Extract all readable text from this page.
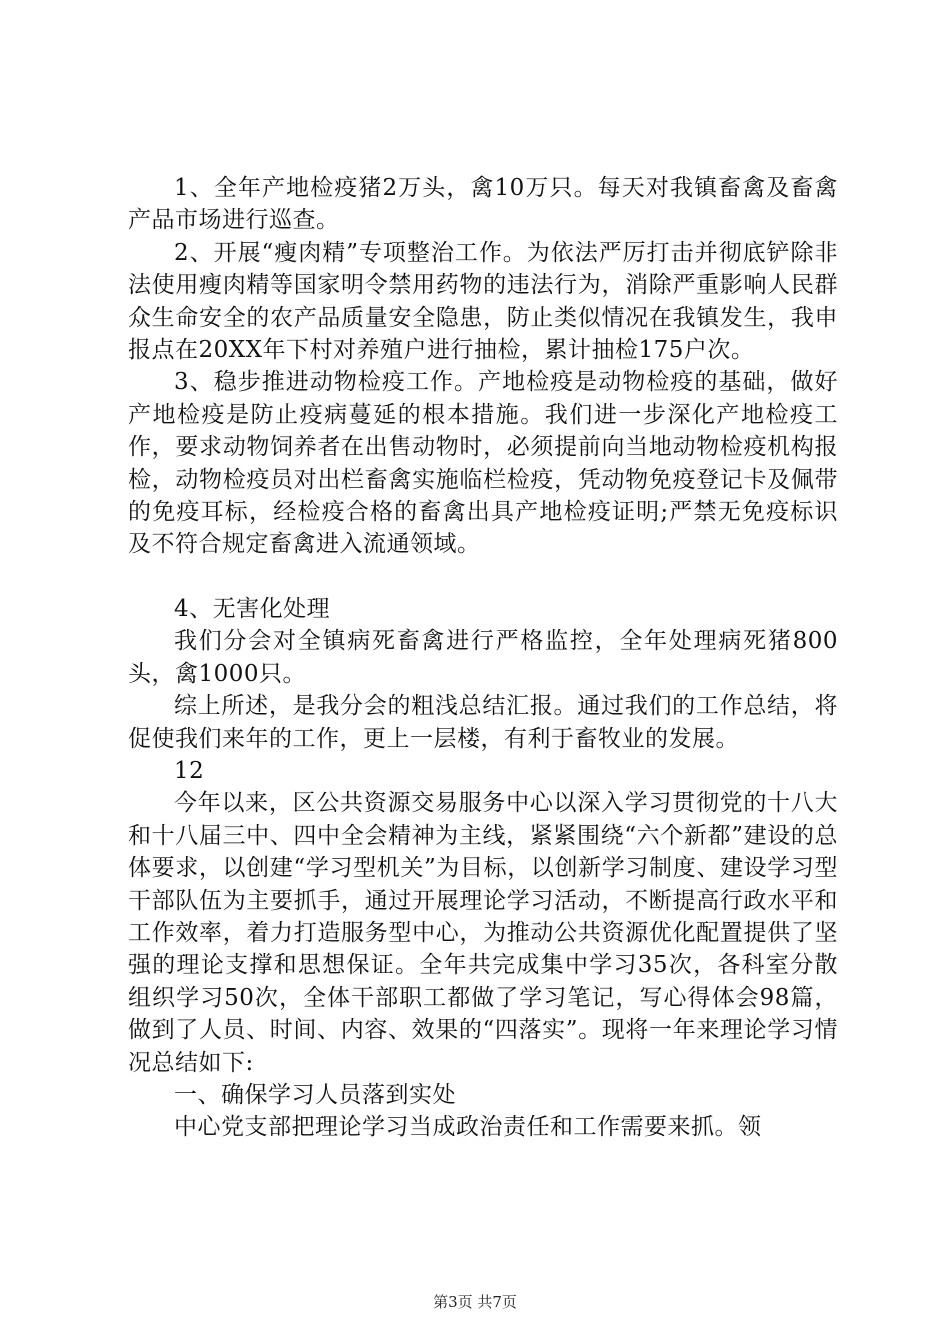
1、全年产地检疫猪2万头，禽10万只。每天对我镇畜禽及畜禽产品市场进行巡查。

2、开展“瘦肉精”专项整治工作。为依法严厉打击并彻底铲除非法使用瘦肉精等国家明令禁用药物的违法行为，消除严重影响人民群众生命安全的农产品质量安全隐患，防止类似情况在我镇发生，我申报点在20XX年下村对养殖户进行抽检，累计抽检175户次。

3、稳步推进动物检疫工作。产地检疫是动物检疫的基础，做好产地检疫是防止疫病蔓延的根本措施。我们进一步深化产地检疫工作，要求动物饲养者在出售动物时，必须提前向当地动物检疫机构报检，动物检疫员对出栏畜禽实施临栏检疫，凭动物免疫登记卡及佩带的免疫耳标，经检疫合格的畜禽出具产地检疫证明;严禁无免疫标识及不符合规定畜禽进入流通领域。

4、无害化处理

我们分会对全镇病死畜禽进行严格监控，全年处理病死猪800头，禽1000只。

综上所述，是我分会的粗浅总结汇报。通过我们的工作总结，将促使我们来年的工作，更上一层楼，有利于畜牧业的发展。

12

今年以来，区公共资源交易服务中心以深入学习贯彻党的十八大和十八届三中、四中全会精神为主线，紧紧围绕“六个新都”建设的总体要求，以创建“学习型机关”为目标，以创新学习制度、建设学习型干部队伍为主要抓手，通过开展理论学习活动，不断提高行政水平和工作效率，着力打造服务型中心，为推动公共资源优化配置提供了坚强的理论支撑和思想保证。全年共完成集中学习35次，各科室分散组织学习50次，全体干部职工都做了学习笔记，写心得体会98篇，做到了人员、时间、内容、效果的“四落实”。现将一年来理论学习情况总结如下:

一、确保学习人员落到实处

中心党支部把理论学习当成政治责任和工作需要来抓。领

第3页 共7页
